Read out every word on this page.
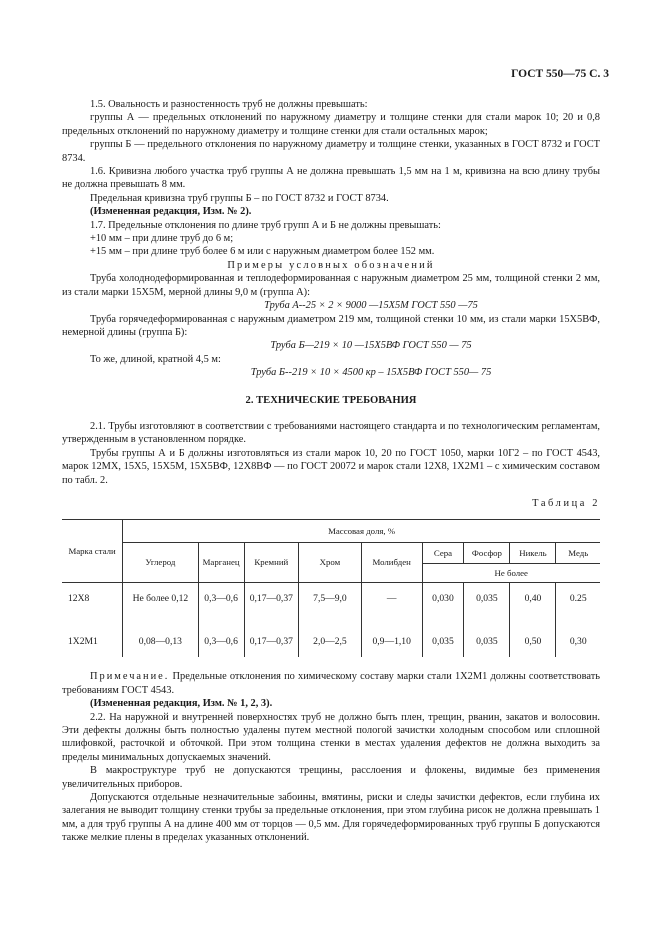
ГОСТ 550—75 С. 3

1.5. Овальность и разностенность труб не должны превышать:

группы А — предельных отклонений по наружному диаметру и толщине стенки для стали марок 10; 20 и 0,8 предельных отклонений по наружному диаметру и толщине стенки для стали остальных марок;

группы Б — предельного отклонения по наружному диаметру и толщине стенки, указанных в ГОСТ 8732 и ГОСТ 8734.

1.6. Кривизна любого участка труб группы А не должна превышать 1,5 мм на 1 м, кривизна на всю длину трубы не должна превышать 8 мм.

Предельная кривизна труб группы Б – по ГОСТ 8732 и ГОСТ 8734.

(Измененная редакция, Изм. № 2).

1.7. Предельные отклонения по длине труб групп А и Б не должны превышать:

+10 мм – при длине труб до 6 м;

+15 мм – при длине труб более 6 м или с наружным диаметром более 152 мм.

Примеры условных обозначений

Труба холоднодеформированная и теплодеформированная с наружным диаметром 25 мм, толщиной стенки 2 мм, из стали марки 15Х5М, мерной длины 9,0 м (группа А):

Труба А--25 × 2 × 9000 —15Х5М ГОСТ 550 —75

Труба горячедеформированная с наружным диаметром 219 мм, толщиной стенки 10 мм, из стали марки 15Х5ВФ, немерной длины (группа Б):

Труба Б—219 × 10 —15Х5ВФ ГОСТ 550 — 75

То же, длиной, кратной 4,5 м:

Труба Б--219 × 10 × 4500 кр – 15Х5ВФ ГОСТ 550— 75

2. ТЕХНИЧЕСКИЕ ТРЕБОВАНИЯ

2.1. Трубы изготовляют в соответствии с требованиями настоящего стандарта и по технологическим регламентам, утвержденным в установленном порядке.

Трубы группы А и Б должны изготовляться из стали марок 10, 20 по ГОСТ 1050, марки 10Г2 – по ГОСТ 4543, марок 12МХ, 15Х5, 15Х5М, 15Х5ВФ, 12Х8ВФ — по ГОСТ 20072 и марок стали 12Х8, 1Х2М1 – с химическим составом по табл. 2.

Таблица 2

Марка стали	Массовая доля, %								
	Углерод	Марганец	Кремний	Хром	Молибден	Сера	Фосфор	Никель	Медь
						Не более			
12Х8	Не более 0,12	0,3—0,6	0,17—0,37	7,5—9,0	—	0,030	0,035	0,40	0.25
1Х2М1	0,08—0,13	0,3—0,6	0,17—0,37	2,0—2,5	0,9—1,10	0,035	0,035	0,50	0,30

Примечание. Предельные отклонения по химическому составу марки стали 1Х2М1 должны соответствовать требованиям ГОСТ 4543.

(Измененная редакция, Изм. № 1, 2, 3).

2.2. На наружной и внутренней поверхностях труб не должно быть плен, трещин, рванин, закатов и волосовин. Эти дефекты должны быть полностью удалены путем местной пологой зачистки холодным способом или сплошной шлифовкой, расточкой и обточкой. При этом толщина стенки в местах удаления дефектов не должна выходить за пределы минимальных допускаемых значений.

В макроструктуре труб не допускаются трещины, расслоения и флокены, видимые без применения увеличительных приборов.

Допускаются отдельные незначительные забоины, вмятины, риски и следы зачистки дефектов, если глубина их залегания не выводит толщину стенки трубы за предельные отклонения, при этом глубина рисок не должна превышать 1 мм, а для труб группы А на длине 400 мм от торцов — 0,5 мм. Для горячедеформированных труб группы Б допускаются также мелкие плены в пределах указанных отклонений.
